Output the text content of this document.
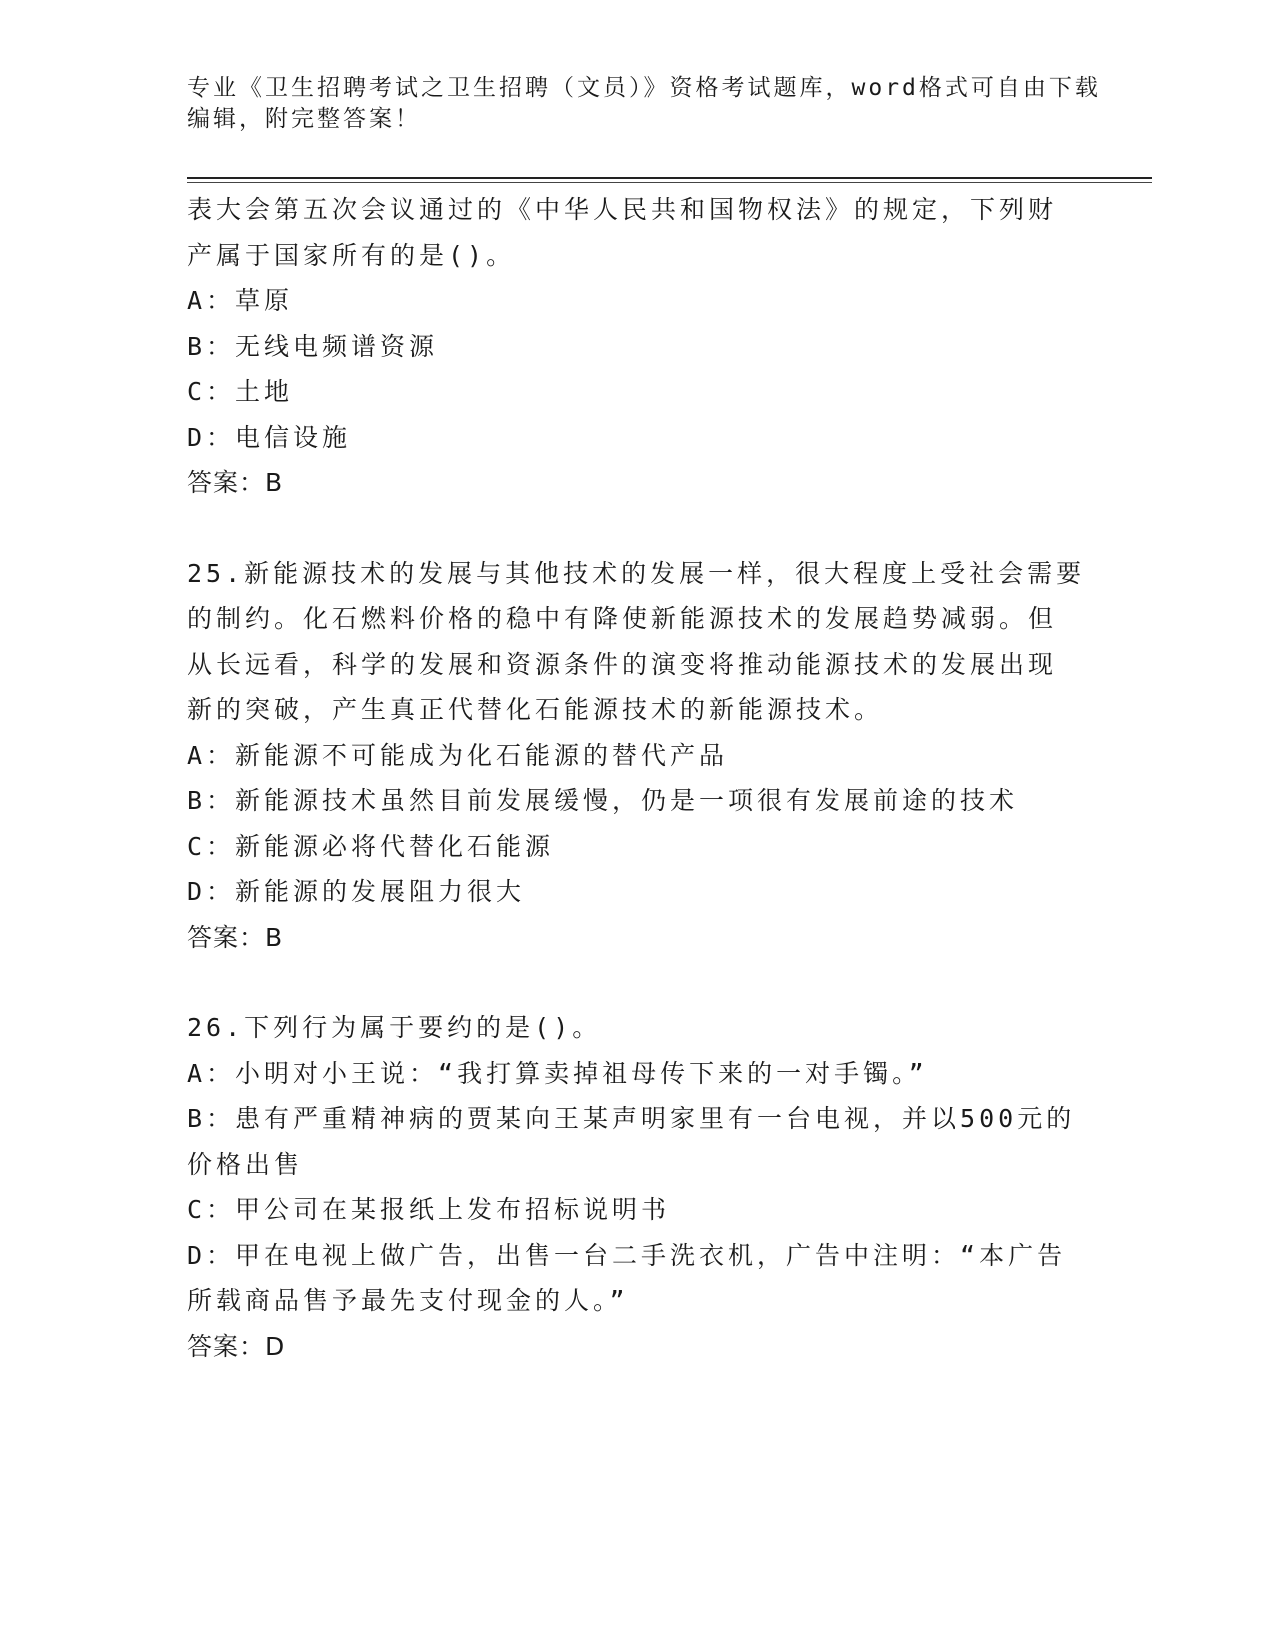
专业《卫生招聘考试之卫生招聘（文员）》资格考试题库，word格式可自由下载
编辑，附完整答案！
表大会第五次会议通过的《中华人民共和国物权法》的规定，下列财
产属于国家所有的是()。
A：草原
B：无线电频谱资源
C：土地
D：电信设施
答案：B
25.新能源技术的发展与其他技术的发展一样，很大程度上受社会需要
的制约。化石燃料价格的稳中有降使新能源技术的发展趋势减弱。但
从长远看，科学的发展和资源条件的演变将推动能源技术的发展出现
新的突破，产生真正代替化石能源技术的新能源技术。
A：新能源不可能成为化石能源的替代产品
B：新能源技术虽然目前发展缓慢，仍是一项很有发展前途的技术
C：新能源必将代替化石能源
D：新能源的发展阻力很大
答案：B
26.下列行为属于要约的是()。
A：小明对小王说：“我打算卖掉祖母传下来的一对手镯。”
B：患有严重精神病的贾某向王某声明家里有一台电视，并以500元的
价格出售
C：甲公司在某报纸上发布招标说明书
D：甲在电视上做广告，出售一台二手洗衣机，广告中注明：“本广告
所载商品售予最先支付现金的人。”
答案：D
